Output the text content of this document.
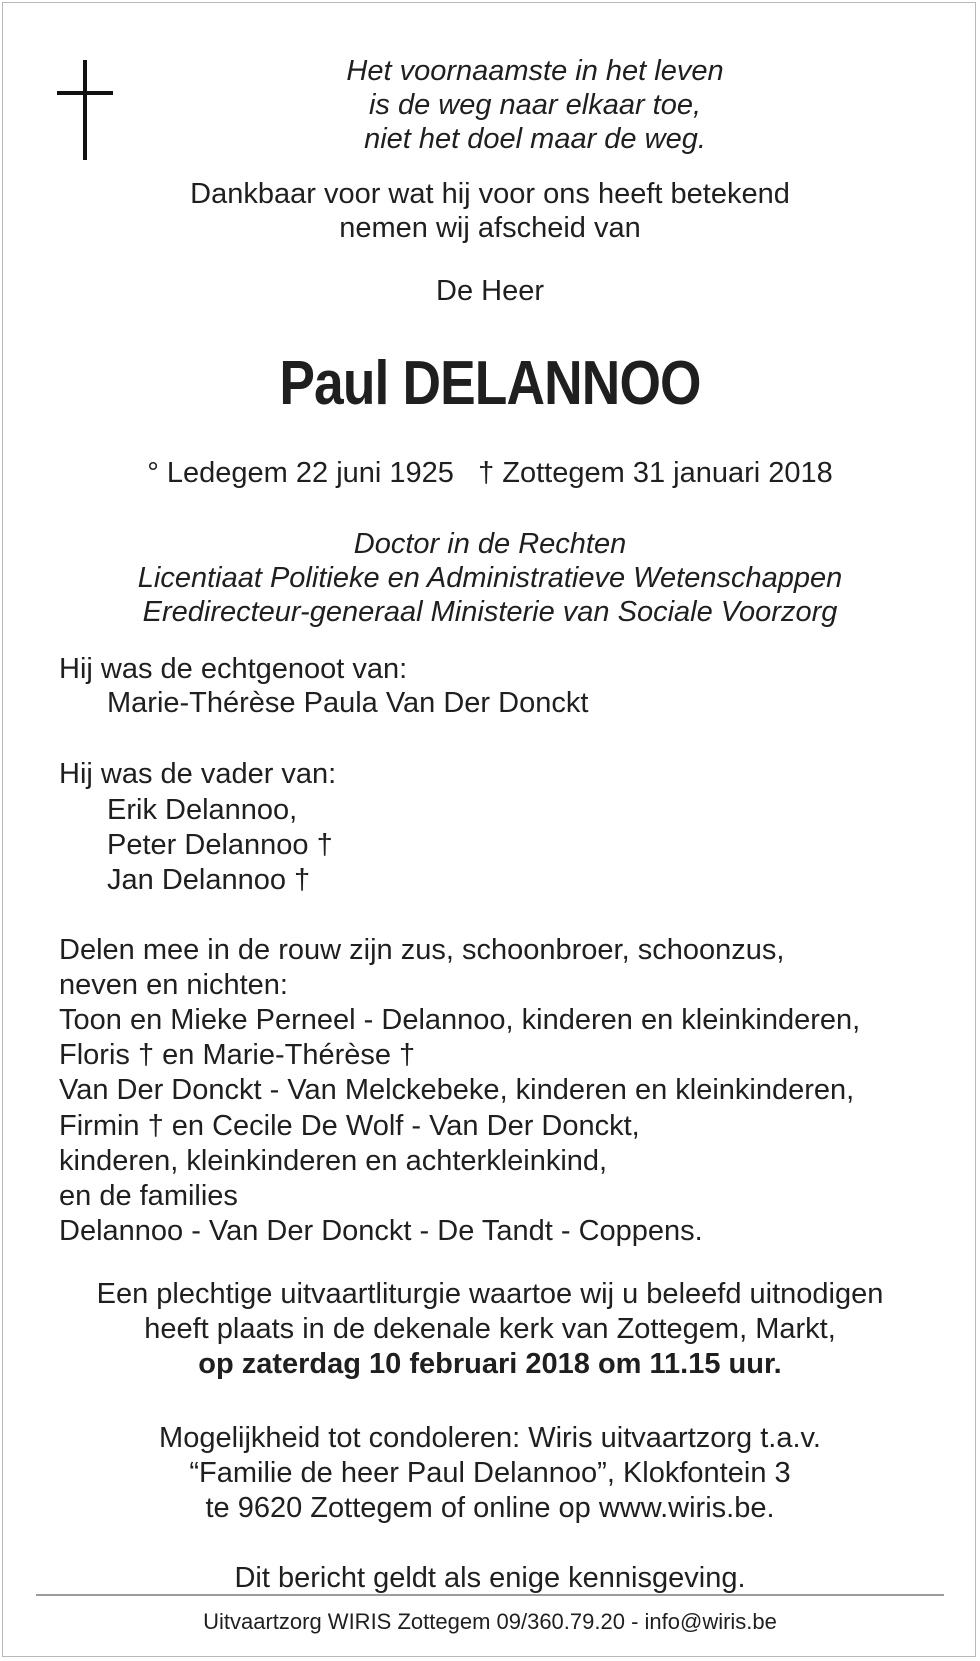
Het voornaamste in het leven

is de weg naar elkaar toe,

niet het doel maar de weg.

Dankbaar voor wat hij voor ons heeft betekend

nemen wij afscheid van

De Heer

Paul DELANNOO

° Ledegem 22 juni 1925   † Zottegem 31 januari 2018

Doctor in de Rechten

Licentiaat Politieke en Administratieve Wetenschappen

Eredirecteur-generaal Ministerie van Sociale Voorzorg

Hij was de echtgenoot van:

Marie-Thérèse Paula Van Der Donckt

Hij was de vader van:

Erik Delannoo,

Peter Delannoo †

Jan Delannoo †

Delen mee in de rouw zijn zus, schoonbroer, schoonzus,

neven en nichten:

Toon en Mieke Perneel - Delannoo, kinderen en kleinkinderen,

Floris † en Marie-Thérèse †

Van Der Donckt - Van Melckebeke, kinderen en kleinkinderen,

Firmin † en Cecile De Wolf - Van Der Donckt,

kinderen, kleinkinderen en achterkleinkind,

en de families

Delannoo - Van Der Donckt - De Tandt - Coppens.

Een plechtige uitvaartliturgie waartoe wij u beleefd uitnodigen

heeft plaats in de dekenale kerk van Zottegem, Markt,

op zaterdag 10 februari 2018 om 11.15 uur.

Mogelijkheid tot condoleren: Wiris uitvaartzorg t.a.v.

“Familie de heer Paul Delannoo”, Klokfontein 3

te 9620 Zottegem of online op www.wiris.be.

Dit bericht geldt als enige kennisgeving.

Uitvaartzorg WIRIS Zottegem 09/360.79.20 - info@wiris.be
